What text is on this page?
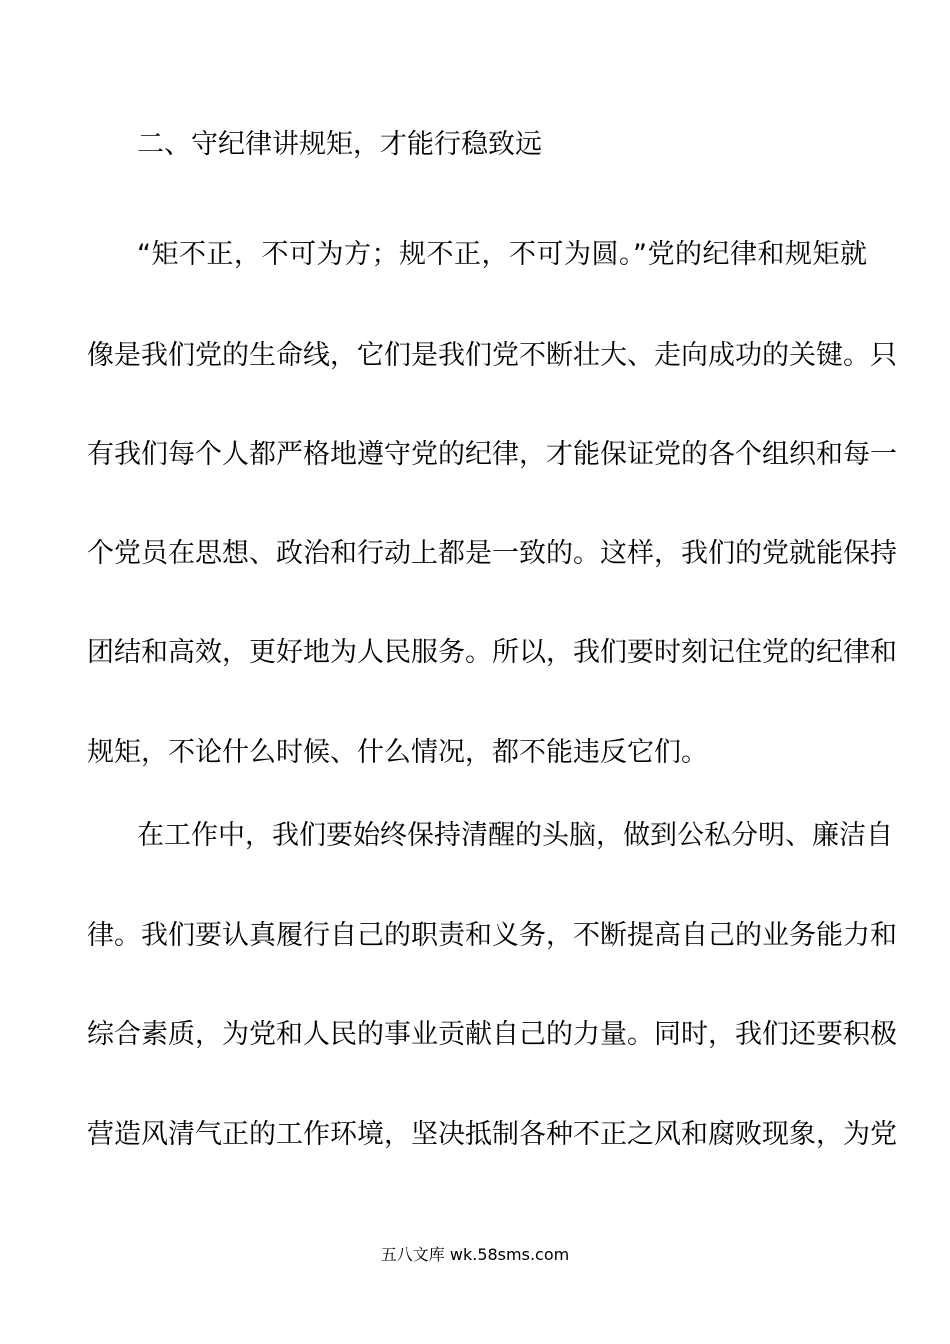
二、守纪律讲规矩，才能行稳致远
“矩不正，不可为方；规不正，不可为圆。”党的纪律和规矩就
像是我们党的生命线，它们是我们党不断壮大、走向成功的关键。只
有我们每个人都严格地遵守党的纪律，才能保证党的各个组织和每一
个党员在思想、政治和行动上都是一致的。这样，我们的党就能保持
团结和高效，更好地为人民服务。所以，我们要时刻记住党的纪律和
规矩，不论什么时候、什么情况，都不能违反它们。
在工作中，我们要始终保持清醒的头脑，做到公私分明、廉洁自
律。我们要认真履行自己的职责和义务，不断提高自己的业务能力和
综合素质，为党和人民的事业贡献自己的力量。同时，我们还要积极
营造风清气正的工作环境，坚决抵制各种不正之风和腐败现象，为党
五八文库 wk.58sms.com
